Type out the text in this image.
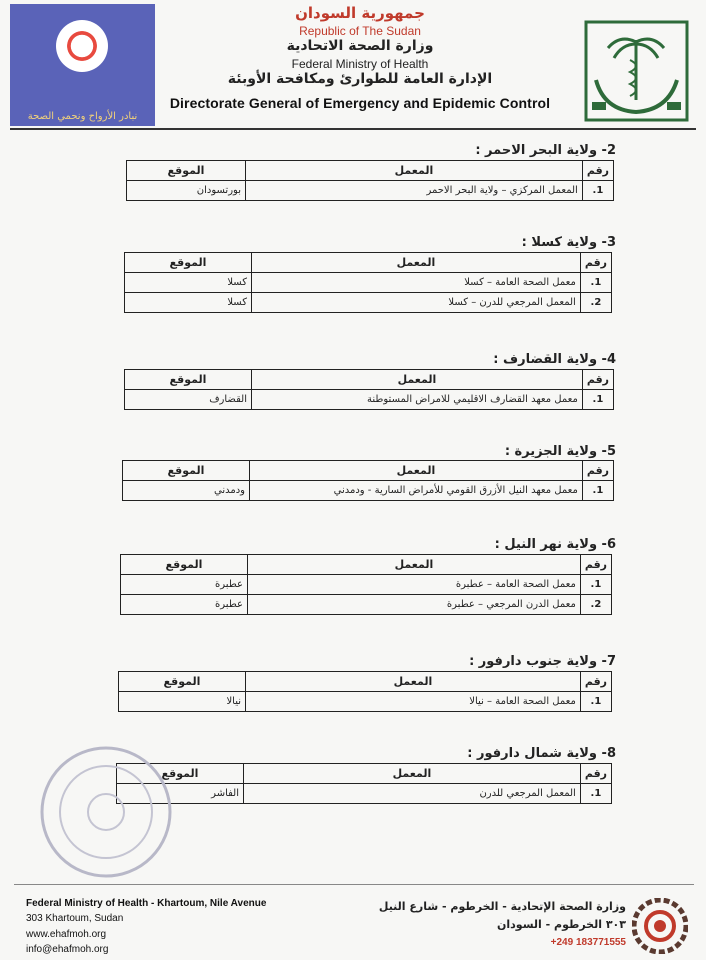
نبادر الأرواح ونحمي الصحة
جمهورية السودان
Republic of The Sudan
وزارة الصحة الاتحادية
Federal Ministry of Health
الإدارة العامة للطوارئ ومكافحة الأوبئة
Directorate General of Emergency and Epidemic Control
2- ولاية البحر الاحمر :
رقم	المعمل	الموقع
1.	المعمل المركزي – ولاية البحر الاحمر	بورتسودان
3- ولاية كسلا :
رقم	المعمل	الموقع
1.	معمل الصحة العامة – كسلا	كسلا
2.	المعمل المرجعي للدرن – كسلا	كسلا
4- ولاية القضارف :
رقم	المعمل	الموقع
1.	معمل معهد القضارف الاقليمي للامراض المستوطنة	القضارف
5- ولاية الجزيرة :
رقم	المعمل	الموقع
1.	معمل معهد النيل الأزرق القومي للأمراض السارية - ودمدني	ودمدني
6- ولاية نهر النيل :
رقم	المعمل	الموقع
1.	معمل الصحة العامة – عطبرة	عطبرة
2.	معمل الدرن المرجعي – عطبرة	عطبرة
7- ولاية جنوب دارفور :
رقم	المعمل	الموقع
1.	معمل الصحة العامة – نيالا	نيالا
8- ولاية شمال دارفور :
رقم	المعمل	الموقع
1.	المعمل المرجعي للدرن	الفاشر
Federal Ministry of Health - Khartoum, Nile Avenue
303 Khartoum, Sudan
www.ehafmoh.org
info@ehafmoh.org
وزارة الصحة الإتحادية - الخرطوم - شارع النيل
٣٠٣ الخرطوم - السودان
+249 183771555
